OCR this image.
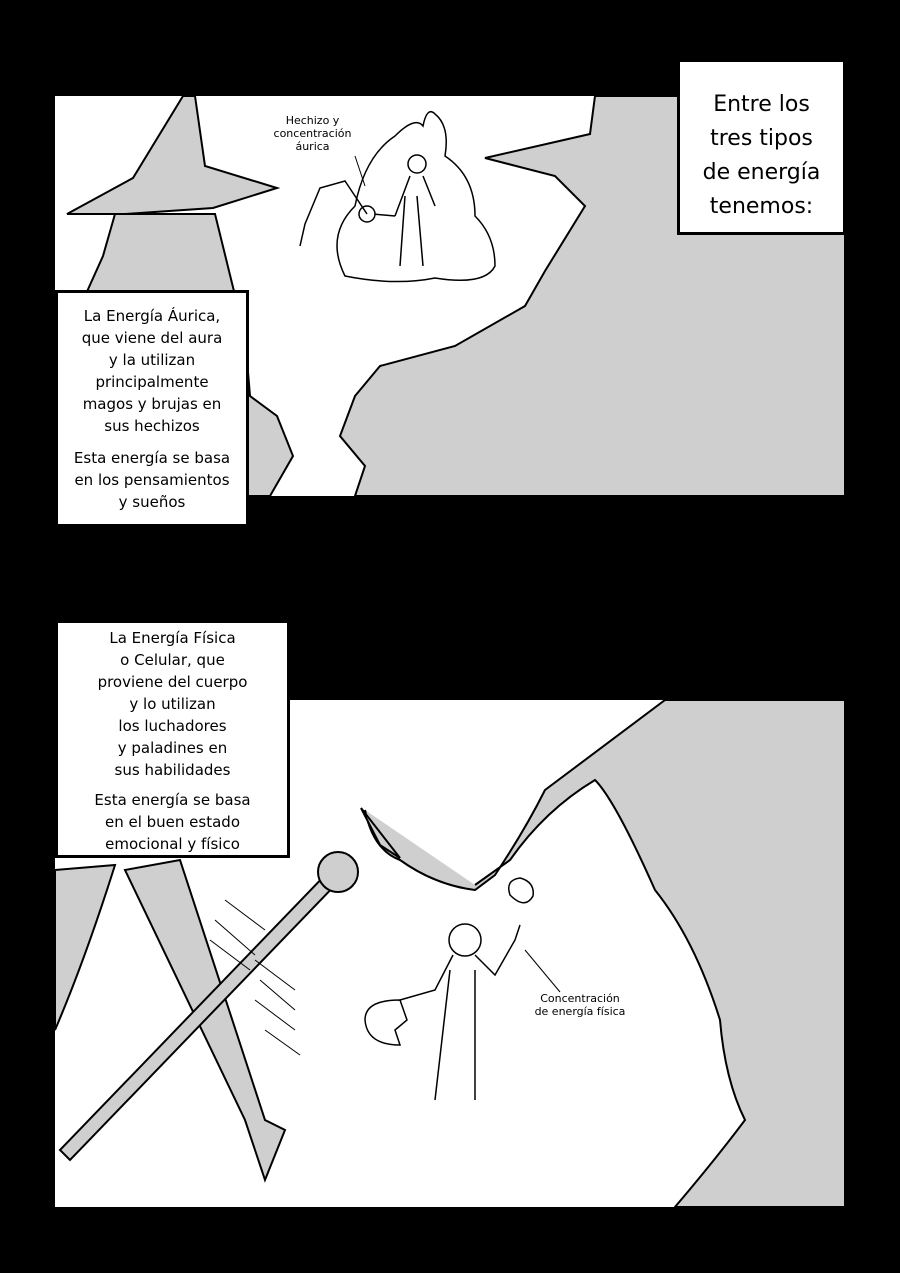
Hechizo y
concentración
áurica

La Energía Áurica,
que viene del aura
y la utilizan
principalmente
magos y brujas en
sus hechizos

Esta energía se basa
en los pensamientos
y sueños

Entre los
tres tipos
de energía
tenemos:

Concentración
de energía física

La Energía Física
o Celular, que
proviene del cuerpo
y lo utilizan
los luchadores
y paladines en
sus habilidades

Esta energía se basa
en el buen estado
emocional y físico
